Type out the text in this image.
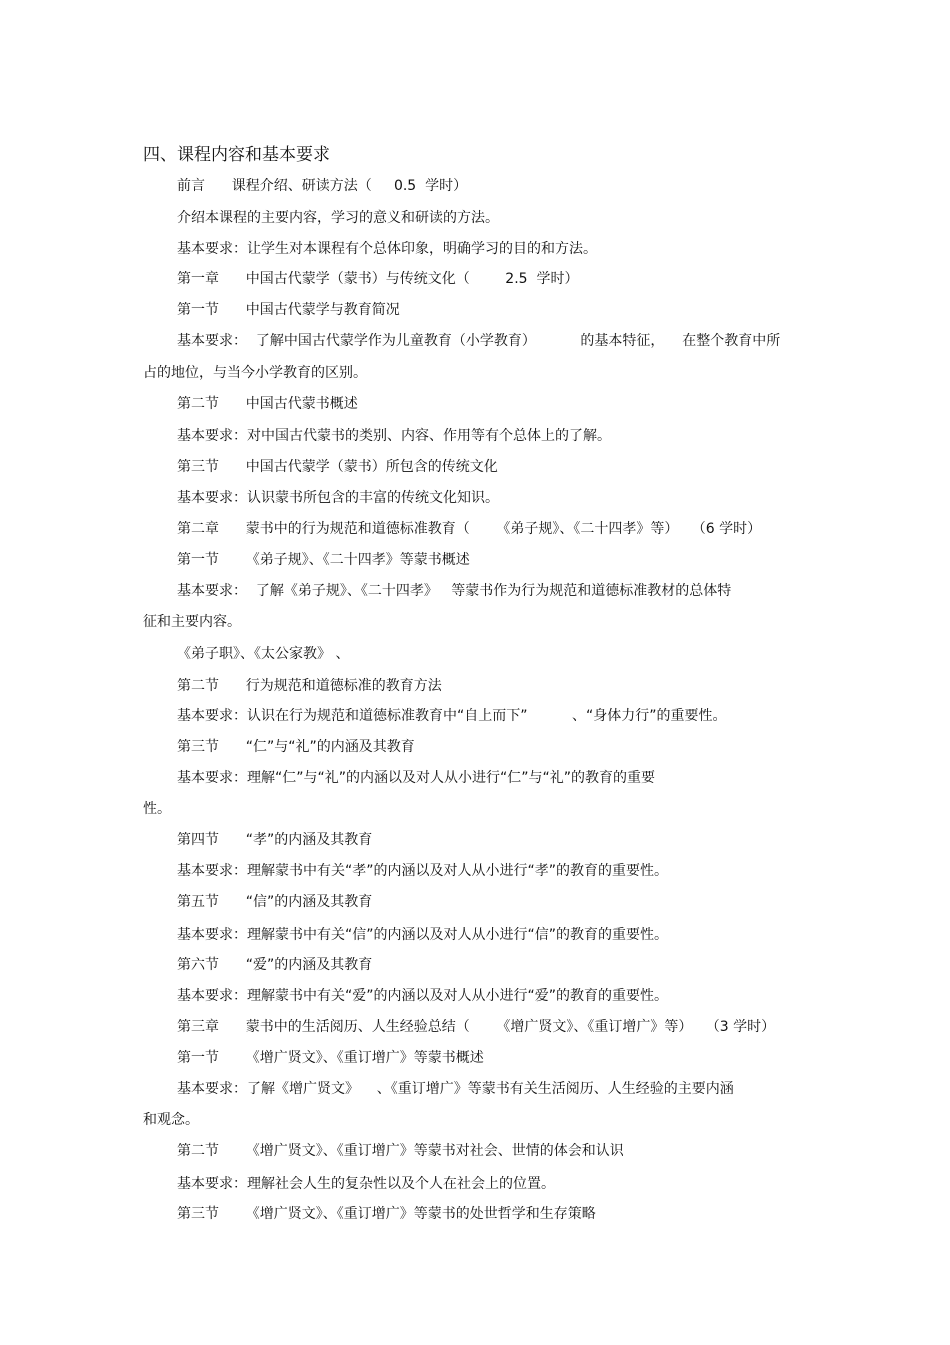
四、课程内容和基本要求
前言      课程介绍、研读方法（     0.5  学时）
介绍本课程的主要内容，学习的意义和研读的方法。
基本要求：让学生对本课程有个总体印象，明确学习的目的和方法。
第一章      中国古代蒙学（蒙书）与传统文化（        2.5  学时）
第一节      中国古代蒙学与教育简况
基本要求：  了解中国古代蒙学作为儿童教育（小学教育）          的基本特征，    在整个教育中所
占的地位，与当今小学教育的区别。
第二节      中国古代蒙书概述
基本要求：对中国古代蒙书的类别、内容、作用等有个总体上的了解。
第三节      中国古代蒙学（蒙书）所包含的传统文化
基本要求：认识蒙书所包含的丰富的传统文化知识。
第二章      蒙书中的行为规范和道德标准教育（      《弟子规》、《二十四孝》等）   （6 学时）
第一节      《弟子规》、《二十四孝》等蒙书概述
基本要求：  了解《弟子规》、《二十四孝》   等蒙书作为行为规范和道德标准教材的总体特
征和主要内容。
《弟子职》、《太公家教》 、
第二节      行为规范和道德标准的教育方法
基本要求：认识在行为规范和道德标准教育中“自上而下”          、“身体力行”的重要性。
第三节      “仁”与“礼”的内涵及其教育
基本要求：理解“仁”与“礼”的内涵以及对人从小进行“仁”与“礼”的教育的重要
性。
第四节      “孝”的内涵及其教育
基本要求：理解蒙书中有关“孝”的内涵以及对人从小进行“孝”的教育的重要性。
第五节      “信”的内涵及其教育
基本要求：理解蒙书中有关“信”的内涵以及对人从小进行“信”的教育的重要性。
第六节      “爱”的内涵及其教育
基本要求：理解蒙书中有关“爱”的内涵以及对人从小进行“爱”的教育的重要性。
第三章      蒙书中的生活阅历、人生经验总结（      《增广贤文》、《重订增广》等）   （3 学时）
第一节      《增广贤文》、《重订增广》等蒙书概述
基本要求：了解《增广贤文》    、《重订增广》等蒙书有关生活阅历、人生经验的主要内涵
和观念。
第二节      《增广贤文》、《重订增广》等蒙书对社会、世情的体会和认识
基本要求：理解社会人生的复杂性以及个人在社会上的位置。
第三节      《增广贤文》、《重订增广》等蒙书的处世哲学和生存策略
